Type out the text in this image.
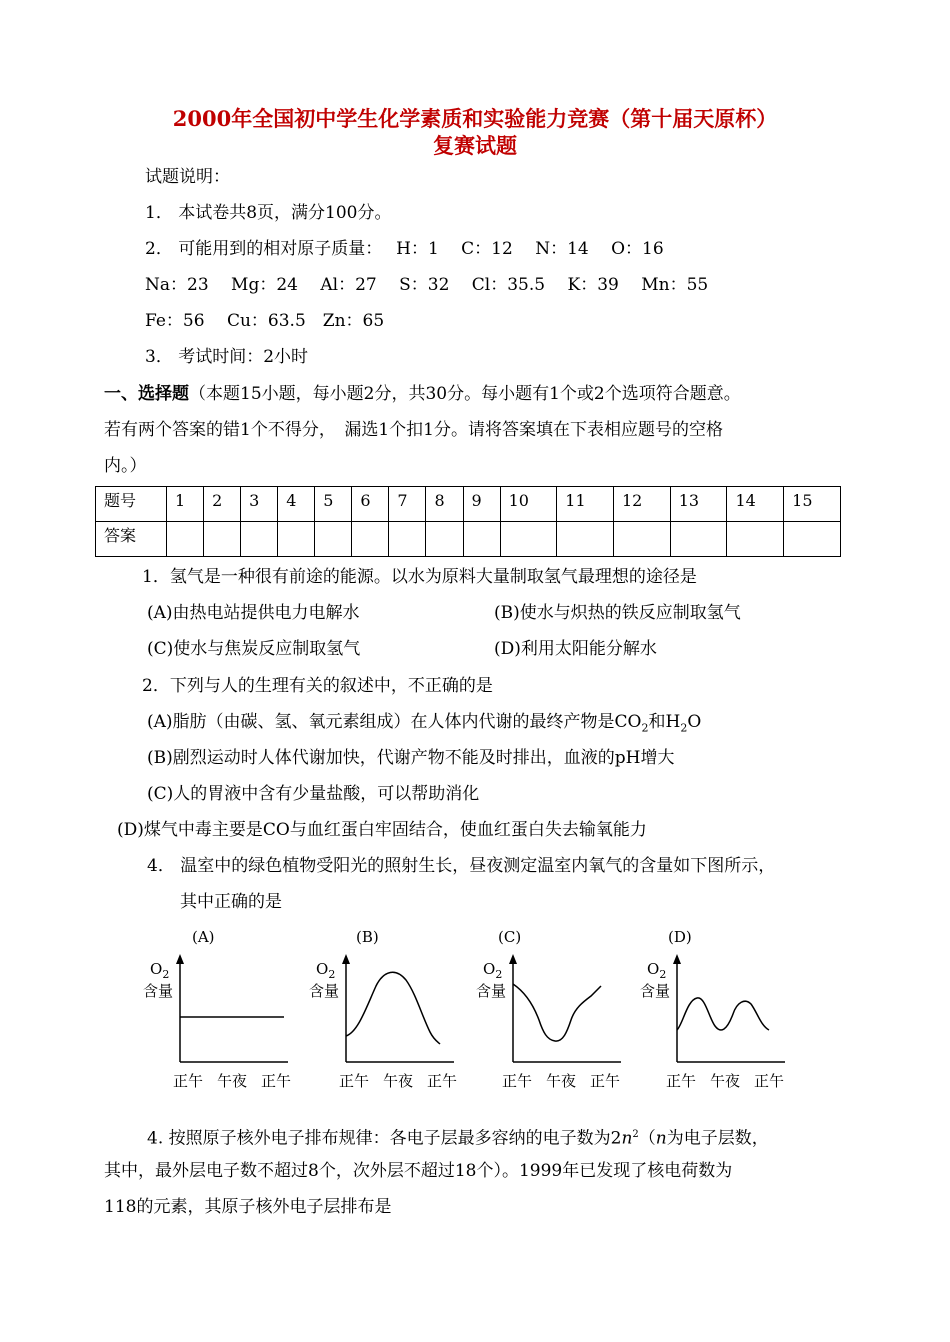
2000年全国初中学生化学素质和实验能力竞赛（第十届天原杯）
复赛试题
试题说明：
1． 本试卷共8页，满分100分。
2． 可能用到的相对原子质量：　 H：1　 C：12　 N：14　 O：16
Na：23　 Mg：24　 Al：27　 S：32　 Cl：35.5　 K：39　 Mn：55
Fe：56　 Cu：63.5　Zn：65
3． 考试时间：2小时
一、选择题（本题15小题，每小题2分，共30分。每小题有1个或2个选项符合题意。
若有两个答案的错1个不得分，　漏选1个扣1分。请将答案填在下表相应题号的空格
内。）
题号	1	2	3	4	5	6	7	8	9	10	11	12	13	14	15
答案															
1．氢气是一种很有前途的能源。以水为原料大量制取氢气最理想的途径是
(A)由热电站提供电力电解水	(B)使水与炽热的铁反应制取氢气
(C)使水与焦炭反应制取氢气	(D)利用太阳能分解水
2．下列与人的生理有关的叙述中，不正确的是
(A)脂肪（由碳、氢、氧元素组成）在人体内代谢的最终产物是$CO_2$和$H_2O$
(B)剧烈运动时人体代谢加快，代谢产物不能及时排出，血液的pH增大
(C)人的胃液中含有少量盐酸，可以帮助消化
(D)煤气中毒主要是CO与血红蛋白牢固结合，使血红蛋白失去输氧能力
4． 温室中的绿色植物受阳光的照射生长，昼夜测定温室内氧气的含量如下图所示，
其中正确的是
(A)
$O_2$
含量
正午 午夜 正午
(B)
$O_2$
含量
正午 午夜 正午
(C)
$O_2$
含量
正午 午夜 正午
(D)
$O_2$
含量
正午 午夜 正午
4. 按照原子核外电子排布规律：各电子层最多容纳的电子数为$2n^2(n$为电子层数，
其中，最外层电子数不超过8个，次外层不超过18个）。1999年已发现了核电荷数为
118的元素，其原子核外电子层排布是
